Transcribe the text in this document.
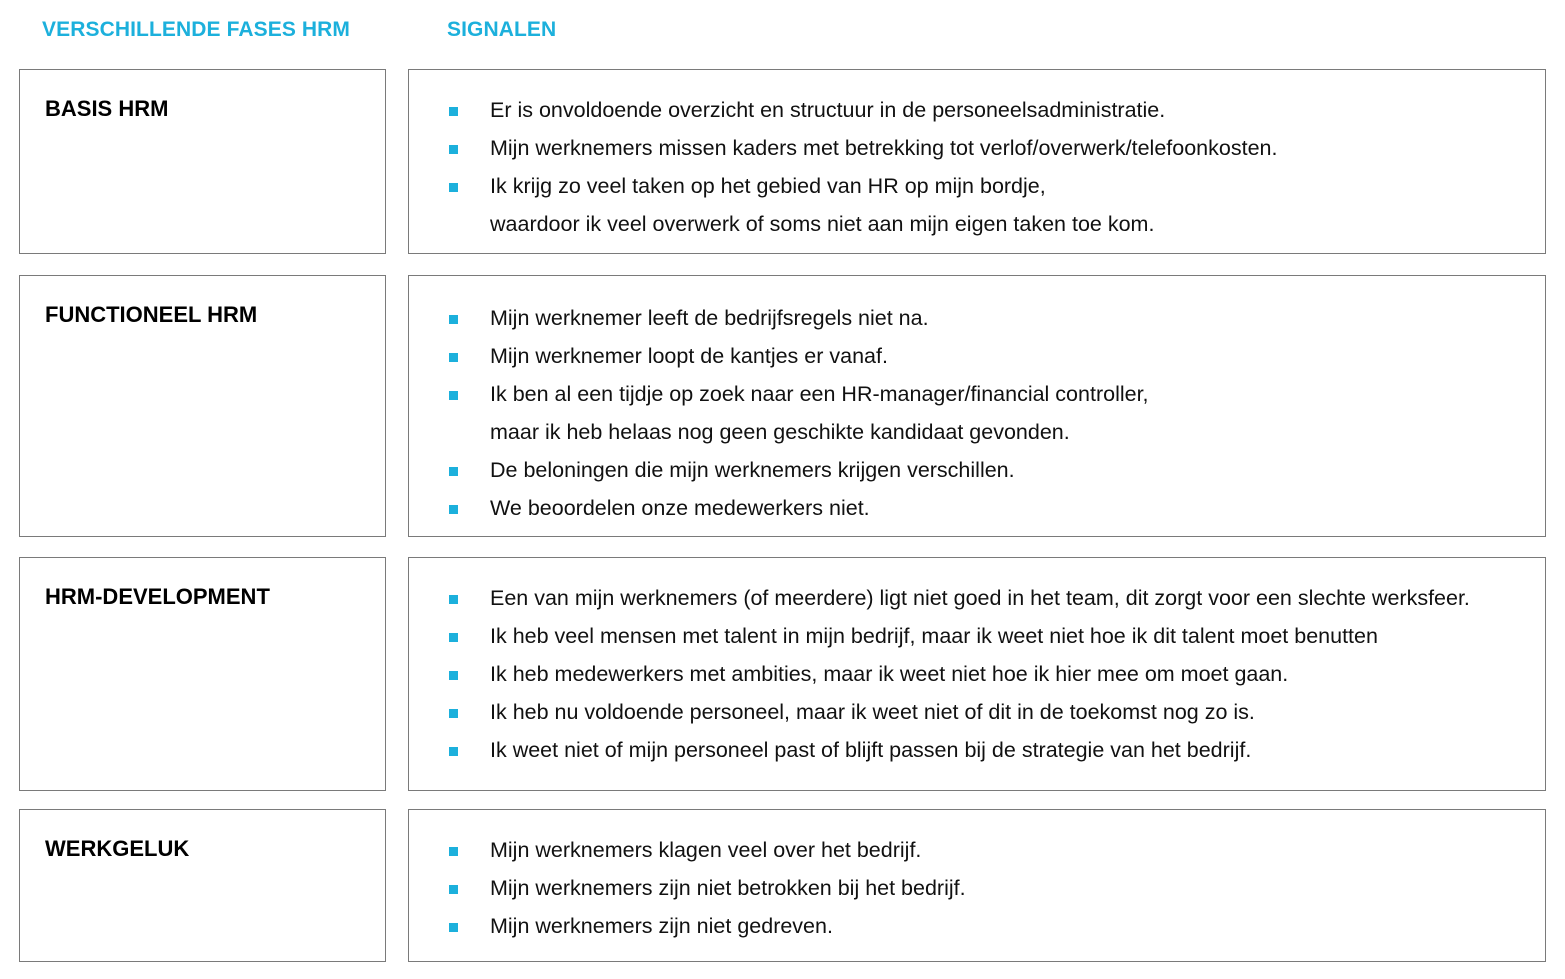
VERSCHILLENDE FASES HRM	SIGNALEN
BASIS HRM	Er is onvoldoende overzicht en structuur in de personeelsadministratie.
Mijn werknemers missen kaders met betrekking tot verlof/overwerk/telefoonkosten.
Ik krijg zo veel taken op het gebied van HR op mijn bordje,
waardoor ik veel overwerk of soms niet aan mijn eigen taken toe kom.
FUNCTIONEEL HRM	Mijn werknemer leeft de bedrijfsregels niet na.
Mijn werknemer loopt de kantjes er vanaf.
Ik ben al een tijdje op zoek naar een HR-manager/financial controller,
maar ik heb helaas nog geen geschikte kandidaat gevonden.
De beloningen die mijn werknemers krijgen verschillen.
We beoordelen onze medewerkers niet.
HRM-DEVELOPMENT	Een van mijn werknemers (of meerdere) ligt niet goed in het team, dit zorgt voor een slechte werksfeer.
Ik heb veel mensen met talent in mijn bedrijf, maar ik weet niet hoe ik dit talent moet benutten
Ik heb medewerkers met ambities, maar ik weet niet hoe ik hier mee om moet gaan.
Ik heb nu voldoende personeel, maar ik weet niet of dit in de toekomst nog zo is.
Ik weet niet of mijn personeel past of blijft passen bij de strategie van het bedrijf.
WERKGELUK	Mijn werknemers klagen veel over het bedrijf.
Mijn werknemers zijn niet betrokken bij het bedrijf.
Mijn werknemers zijn niet gedreven.
